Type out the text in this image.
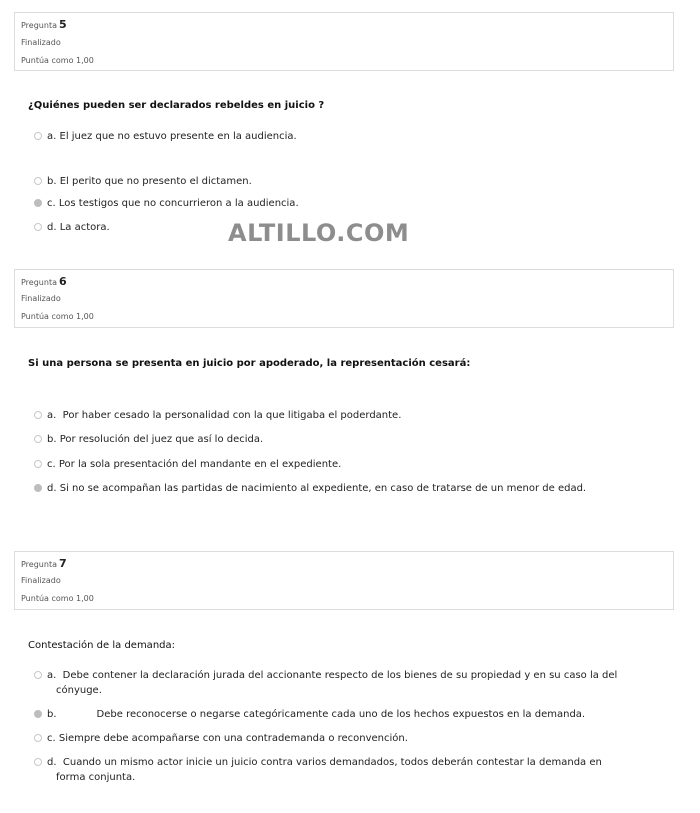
Pregunta 5
Finalizado
Puntúa como 1,00
¿Quiénes pueden ser declarados rebeldes en juicio ?
a. El juez que no estuvo presente en la audiencia.
b. El perito que no presento el dictamen.
c. Los testigos que no concurrieron a la audiencia.
d. La actora.	ALTILLO.COM
Pregunta 6
Finalizado
Puntúa como 1,00
Si una persona se presenta en juicio por apoderado, la representación cesará:
a. Por haber cesado la personalidad con la que litigaba el poderdante.
b. Por resolución del juez que así lo decida.
c. Por la sola presentación del mandante en el expediente.
d. Si no se acompañan las partidas de nacimiento al expediente, en caso de tratarse de un menor de edad.
Pregunta 7
Finalizado
Puntúa como 1,00
Contestación de la demanda:
a. Debe contener la declaración jurada del accionante respecto de los bienes de su propiedad y en su caso la del
cónyuge.
b.	Debe reconocerse o negarse categóricamente cada uno de los hechos expuestos en la demanda.
c. Siempre debe acompañarse con una contrademanda o reconvención.
d. Cuando un mismo actor inicie un juicio contra varios demandados, todos deberán contestar la demanda en
forma conjunta.
